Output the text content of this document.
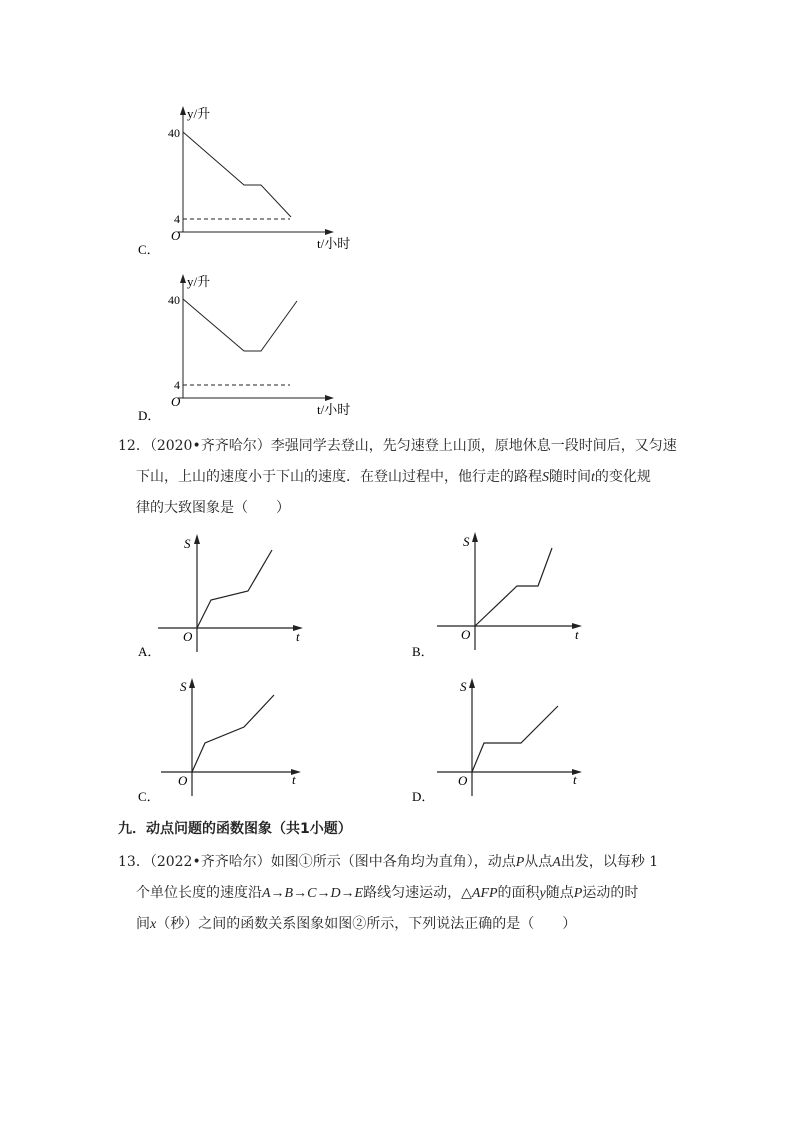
y/升
40
4
O
t/小时
C．
y/升
40
4
O
t/小时
D．
12．（2020•齐齐哈尔）李强同学去登山，先匀速登上山顶，原地休息一段时间后，又匀速
下山，上山的速度小于下山的速度．在登山过程中，他行走的路程S随时间t的变化规
律的大致图象是（　　）
S
O	t
A．
S
O	t
B．
S
O	t
C．
S
O	t
D．
九．动点问题的函数图象（共1小题）
13．（2022•齐齐哈尔）如图①所示（图中各角均为直角），动点P从点A出发，以每秒 1
个单位长度的速度沿A→B→C→D→E路线匀速运动，△AFP的面积y随点P运动的时
间x（秒）之间的函数关系图象如图②所示，下列说法正确的是（　　）
